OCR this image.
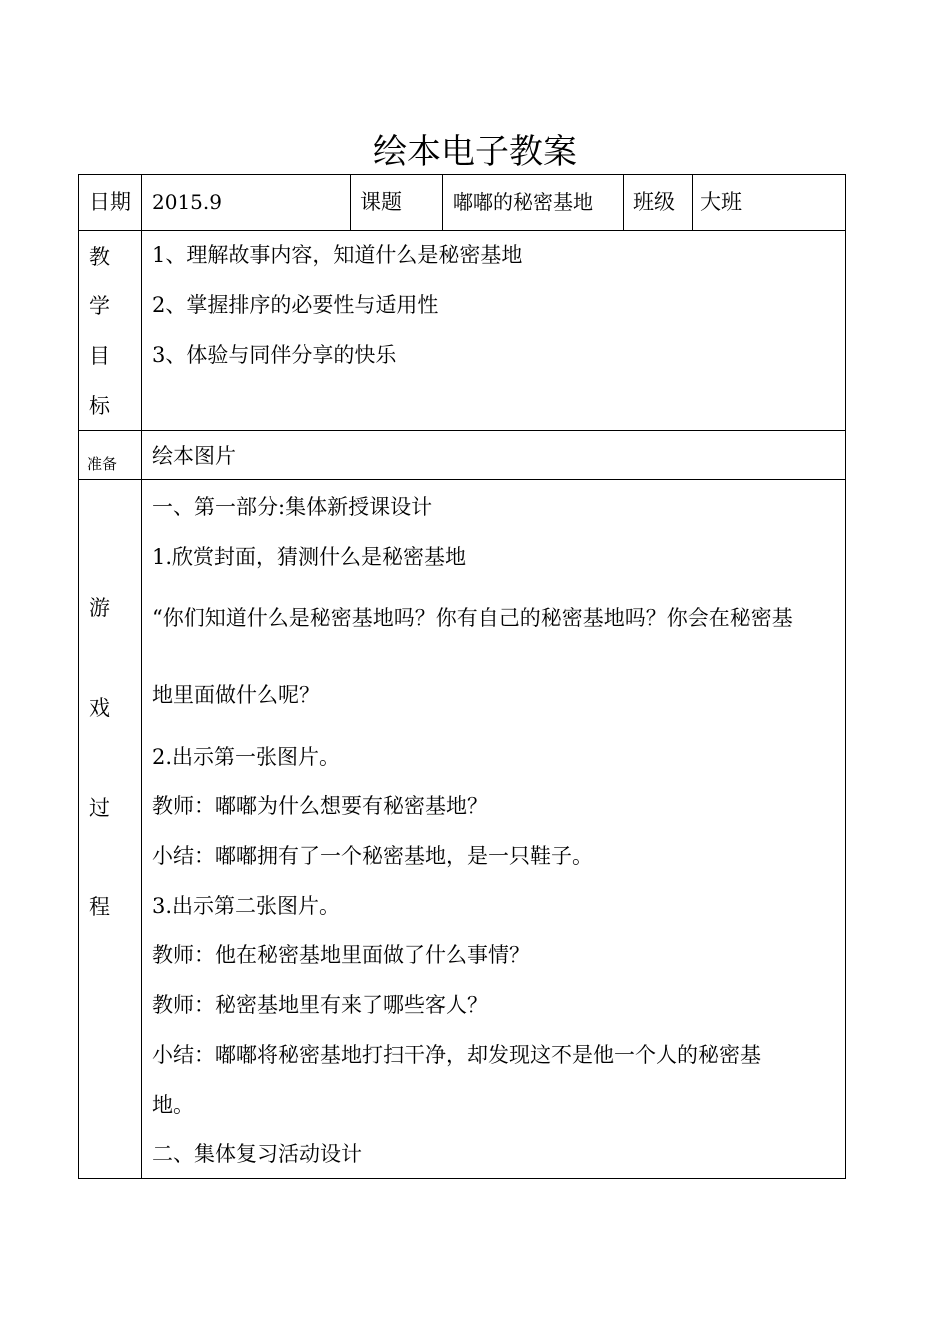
绘本电子教案
日期 2015.9	课题	嘟嘟的秘密基地 班级 大班
教
学
目
标
1、理解故事内容，知道什么是秘密基地
2、掌握排序的必要性与适用性
3、体验与同伴分享的快乐
准备 绘本图片
游
戏
过
程
一、第一部分:集体新授课设计
1.欣赏封面，猜测什么是秘密基地
“你们知道什么是秘密基地吗？你有自己的秘密基地吗？你会在秘密基
地里面做什么呢？
2.出示第一张图片。
教师：嘟嘟为什么想要有秘密基地？
小结：嘟嘟拥有了一个秘密基地，是一只鞋子。
3.出示第二张图片。
教师：他在秘密基地里面做了什么事情？
教师：秘密基地里有来了哪些客人？
小结：嘟嘟将秘密基地打扫干净，却发现这不是他一个人的秘密基
地。
二、集体复习活动设计
